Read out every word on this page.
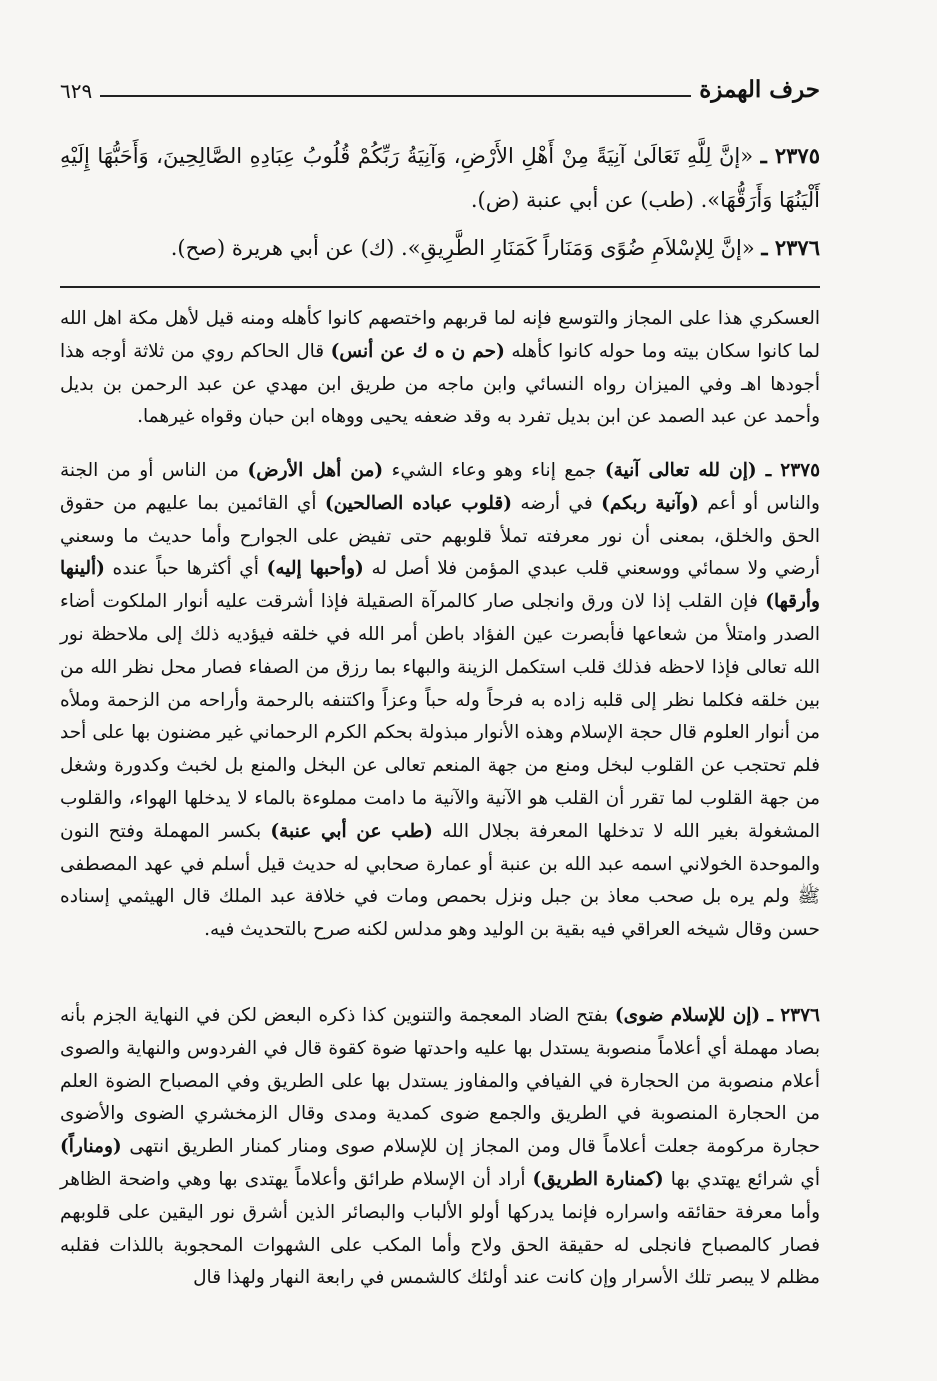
حرف الهمزة
٦٢٩
٢٣٧٥ ـ «إنَّ لِلَّهِ تَعَالَىٰ آنِيَةً مِنْ أَهْلِ الأَرْضِ، وَآنِيَةُ رَبِّكُمْ قُلُوبُ عِبَادِهِ الصَّالِحِينَ، وَأَحَبُّهَا إِلَيْهِ أَلْيَنُهَا وَأَرَقُّهَا». (طب) عن أبي عنبة (ض).
٢٣٧٦ ـ «إنَّ لِلإسْلاَمِ ضُوًى وَمَنَاراً كَمَنَارِ الطَّرِيقِ». (ك) عن أبي هريرة (صح).

العسكري هذا على المجاز والتوسع فإنه لما قربهم واختصهم كانوا كأهله ومنه قيل لأهل مكة اهل الله لما كانوا سكان بيته وما حوله كانوا كأهله (حم ن ه ك عن أنس) قال الحاكم روي من ثلاثة أوجه هذا أجودها اهـ وفي الميزان رواه النسائي وابن ماجه من طريق ابن مهدي عن عبد الرحمن بن بديل وأحمد عن عبد الصمد عن ابن بديل تفرد به وقد ضعفه يحيى ووهاه ابن حبان وقواه غيرهما.

٢٣٧٥ ـ (إن لله تعالى آنية) جمع إناء وهو وعاء الشيء (من أهل الأرض) من الناس أو من الجنة والناس أو أعم (وآنية ربكم) في أرضه (قلوب عباده الصالحين) أي القائمين بما عليهم من حقوق الحق والخلق، بمعنى أن نور معرفته تملأ قلوبهم حتى تفيض على الجوارح وأما حديث ما وسعني أرضي ولا سمائي ووسعني قلب عبدي المؤمن فلا أصل له (وأحبها إليه) أي أكثرها حباً عنده (ألينها وأرقها) فإن القلب إذا لان ورق وانجلى صار كالمرآة الصقيلة فإذا أشرقت عليه أنوار الملكوت أضاء الصدر وامتلأ من شعاعها فأبصرت عين الفؤاد باطن أمر الله في خلقه فيؤديه ذلك إلى ملاحظة نور الله تعالى فإذا لاحظه فذلك قلب استكمل الزينة والبهاء بما رزق من الصفاء فصار محل نظر الله من بين خلقه فكلما نظر إلى قلبه زاده به فرحاً وله حباً وعزاً واكتنفه بالرحمة وأراحه من الزحمة وملأه من أنوار العلوم قال حجة الإسلام وهذه الأنوار مبذولة بحكم الكرم الرحماني غير مضنون بها على أحد فلم تحتجب عن القلوب لبخل ومنع من جهة المنعم تعالى عن البخل والمنع بل لخبث وكدورة وشغل من جهة القلوب لما تقرر أن القلب هو الآنية والآنية ما دامت مملوءة بالماء لا يدخلها الهواء، والقلوب المشغولة بغير الله لا تدخلها المعرفة بجلال الله (طب عن أبي عنبة) بكسر المهملة وفتح النون والموحدة الخولاني اسمه عبد الله بن عنبة أو عمارة صحابي له حديث قيل أسلم في عهد المصطفى ﷺ ولم يره بل صحب معاذ بن جبل ونزل بحمص ومات في خلافة عبد الملك قال الهيثمي إسناده حسن وقال شيخه العراقي فيه بقية بن الوليد وهو مدلس لكنه صرح بالتحديث فيه.

٢٣٧٦ ـ (إن للإسلام ضوى) بفتح الضاد المعجمة والتنوين كذا ذكره البعض لكن في النهاية الجزم بأنه بصاد مهملة أي أعلاماً منصوبة يستدل بها عليه واحدتها ضوة كقوة قال في الفردوس والنهاية والصوى أعلام منصوبة من الحجارة في الفيافي والمفاوز يستدل بها على الطريق وفي المصباح الضوة العلم من الحجارة المنصوبة في الطريق والجمع ضوى كمدية ومدى وقال الزمخشري الضوى والأضوى حجارة مركومة جعلت أعلاماً قال ومن المجاز إن للإسلام صوى ومنار كمنار الطريق انتهى (ومناراً) أي شرائع يهتدي بها (كمنارة الطريق) أراد أن الإسلام طرائق وأعلاماً يهتدى بها وهي واضحة الظاهر وأما معرفة حقائقه واسراره فإنما يدركها أولو الألباب والبصائر الذين أشرق نور اليقين على قلوبهم فصار كالمصباح فانجلى له حقيقة الحق ولاح وأما المكب على الشهوات المحجوبة باللذات فقلبه مظلم لا يبصر تلك الأسرار وإن كانت عند أولئك كالشمس في رابعة النهار ولهذا قال
